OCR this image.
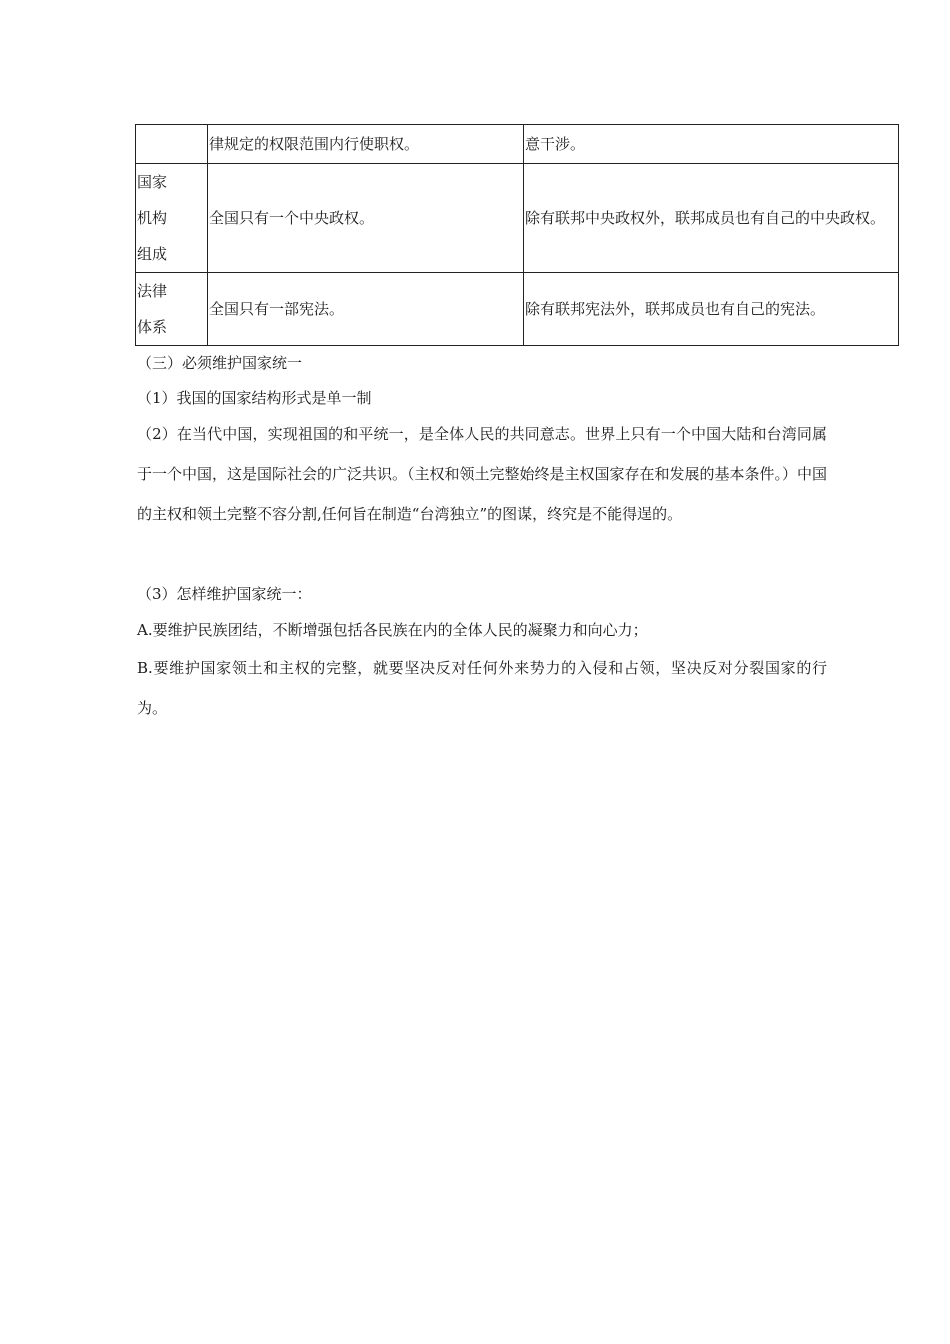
	律规定的权限范围内行使职权。	意干涉。

国家
机构
组成	全国只有一个中央政权。	除有联邦中央政权外，联邦成员也有自己的中央政权。

法律
体系	全国只有一部宪法。	除有联邦宪法外，联邦成员也有自己的宪法。
（三）必须维护国家统一
（1）我国的国家结构形式是单一制
（2）在当代中国，实现祖国的和平统一，是全体人民的共同意志。世界上只有一个中国大陆和台湾同属于一个中国，这是国际社会的广泛共识。（主权和领土完整始终是主权国家存在和发展的基本条件。）中国的主权和领土完整不容分割,任何旨在制造“台湾独立”的图谋，终究是不能得逞的。
（3）怎样维护国家统一：
A.要维护民族团结，不断增强包括各民族在内的全体人民的凝聚力和向心力；
B.要维护国家领土和主权的完整，就要坚决反对任何外来势力的入侵和占领，坚决反对分裂国家的行为。
